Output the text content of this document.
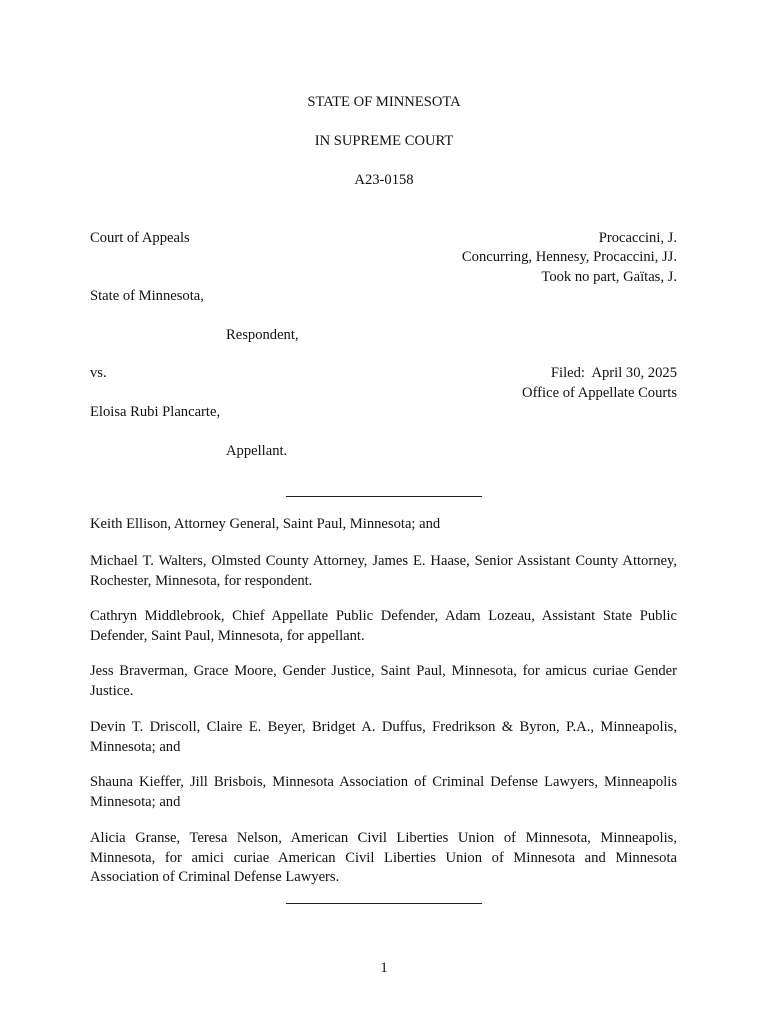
STATE OF MINNESOTA
IN SUPREME COURT
A23-0158
Court of Appeals	Procaccini, J.
Concurring, Hennesy, Procaccini, JJ.
Took no part, Gaïtas, J.
State of Minnesota,
Respondent,
vs.	Filed:  April 30, 2025
Office of Appellate Courts
Eloisa Rubi Plancarte,
Appellant.
Keith Ellison, Attorney General, Saint Paul, Minnesota; and
Michael T. Walters, Olmsted County Attorney, James E. Haase, Senior Assistant County Attorney, Rochester, Minnesota, for respondent.
Cathryn Middlebrook, Chief Appellate Public Defender, Adam Lozeau, Assistant State Public Defender, Saint Paul, Minnesota, for appellant.
Jess Braverman, Grace Moore, Gender Justice, Saint Paul, Minnesota, for amicus curiae Gender Justice.
Devin T. Driscoll, Claire E. Beyer, Bridget A. Duffus, Fredrikson & Byron, P.A., Minneapolis, Minnesota; and
Shauna Kieffer, Jill Brisbois, Minnesota Association of Criminal Defense Lawyers, Minneapolis Minnesota; and
Alicia Granse, Teresa Nelson, American Civil Liberties Union of Minnesota, Minneapolis, Minnesota, for amici curiae American Civil Liberties Union of Minnesota and Minnesota Association of Criminal Defense Lawyers.
1
